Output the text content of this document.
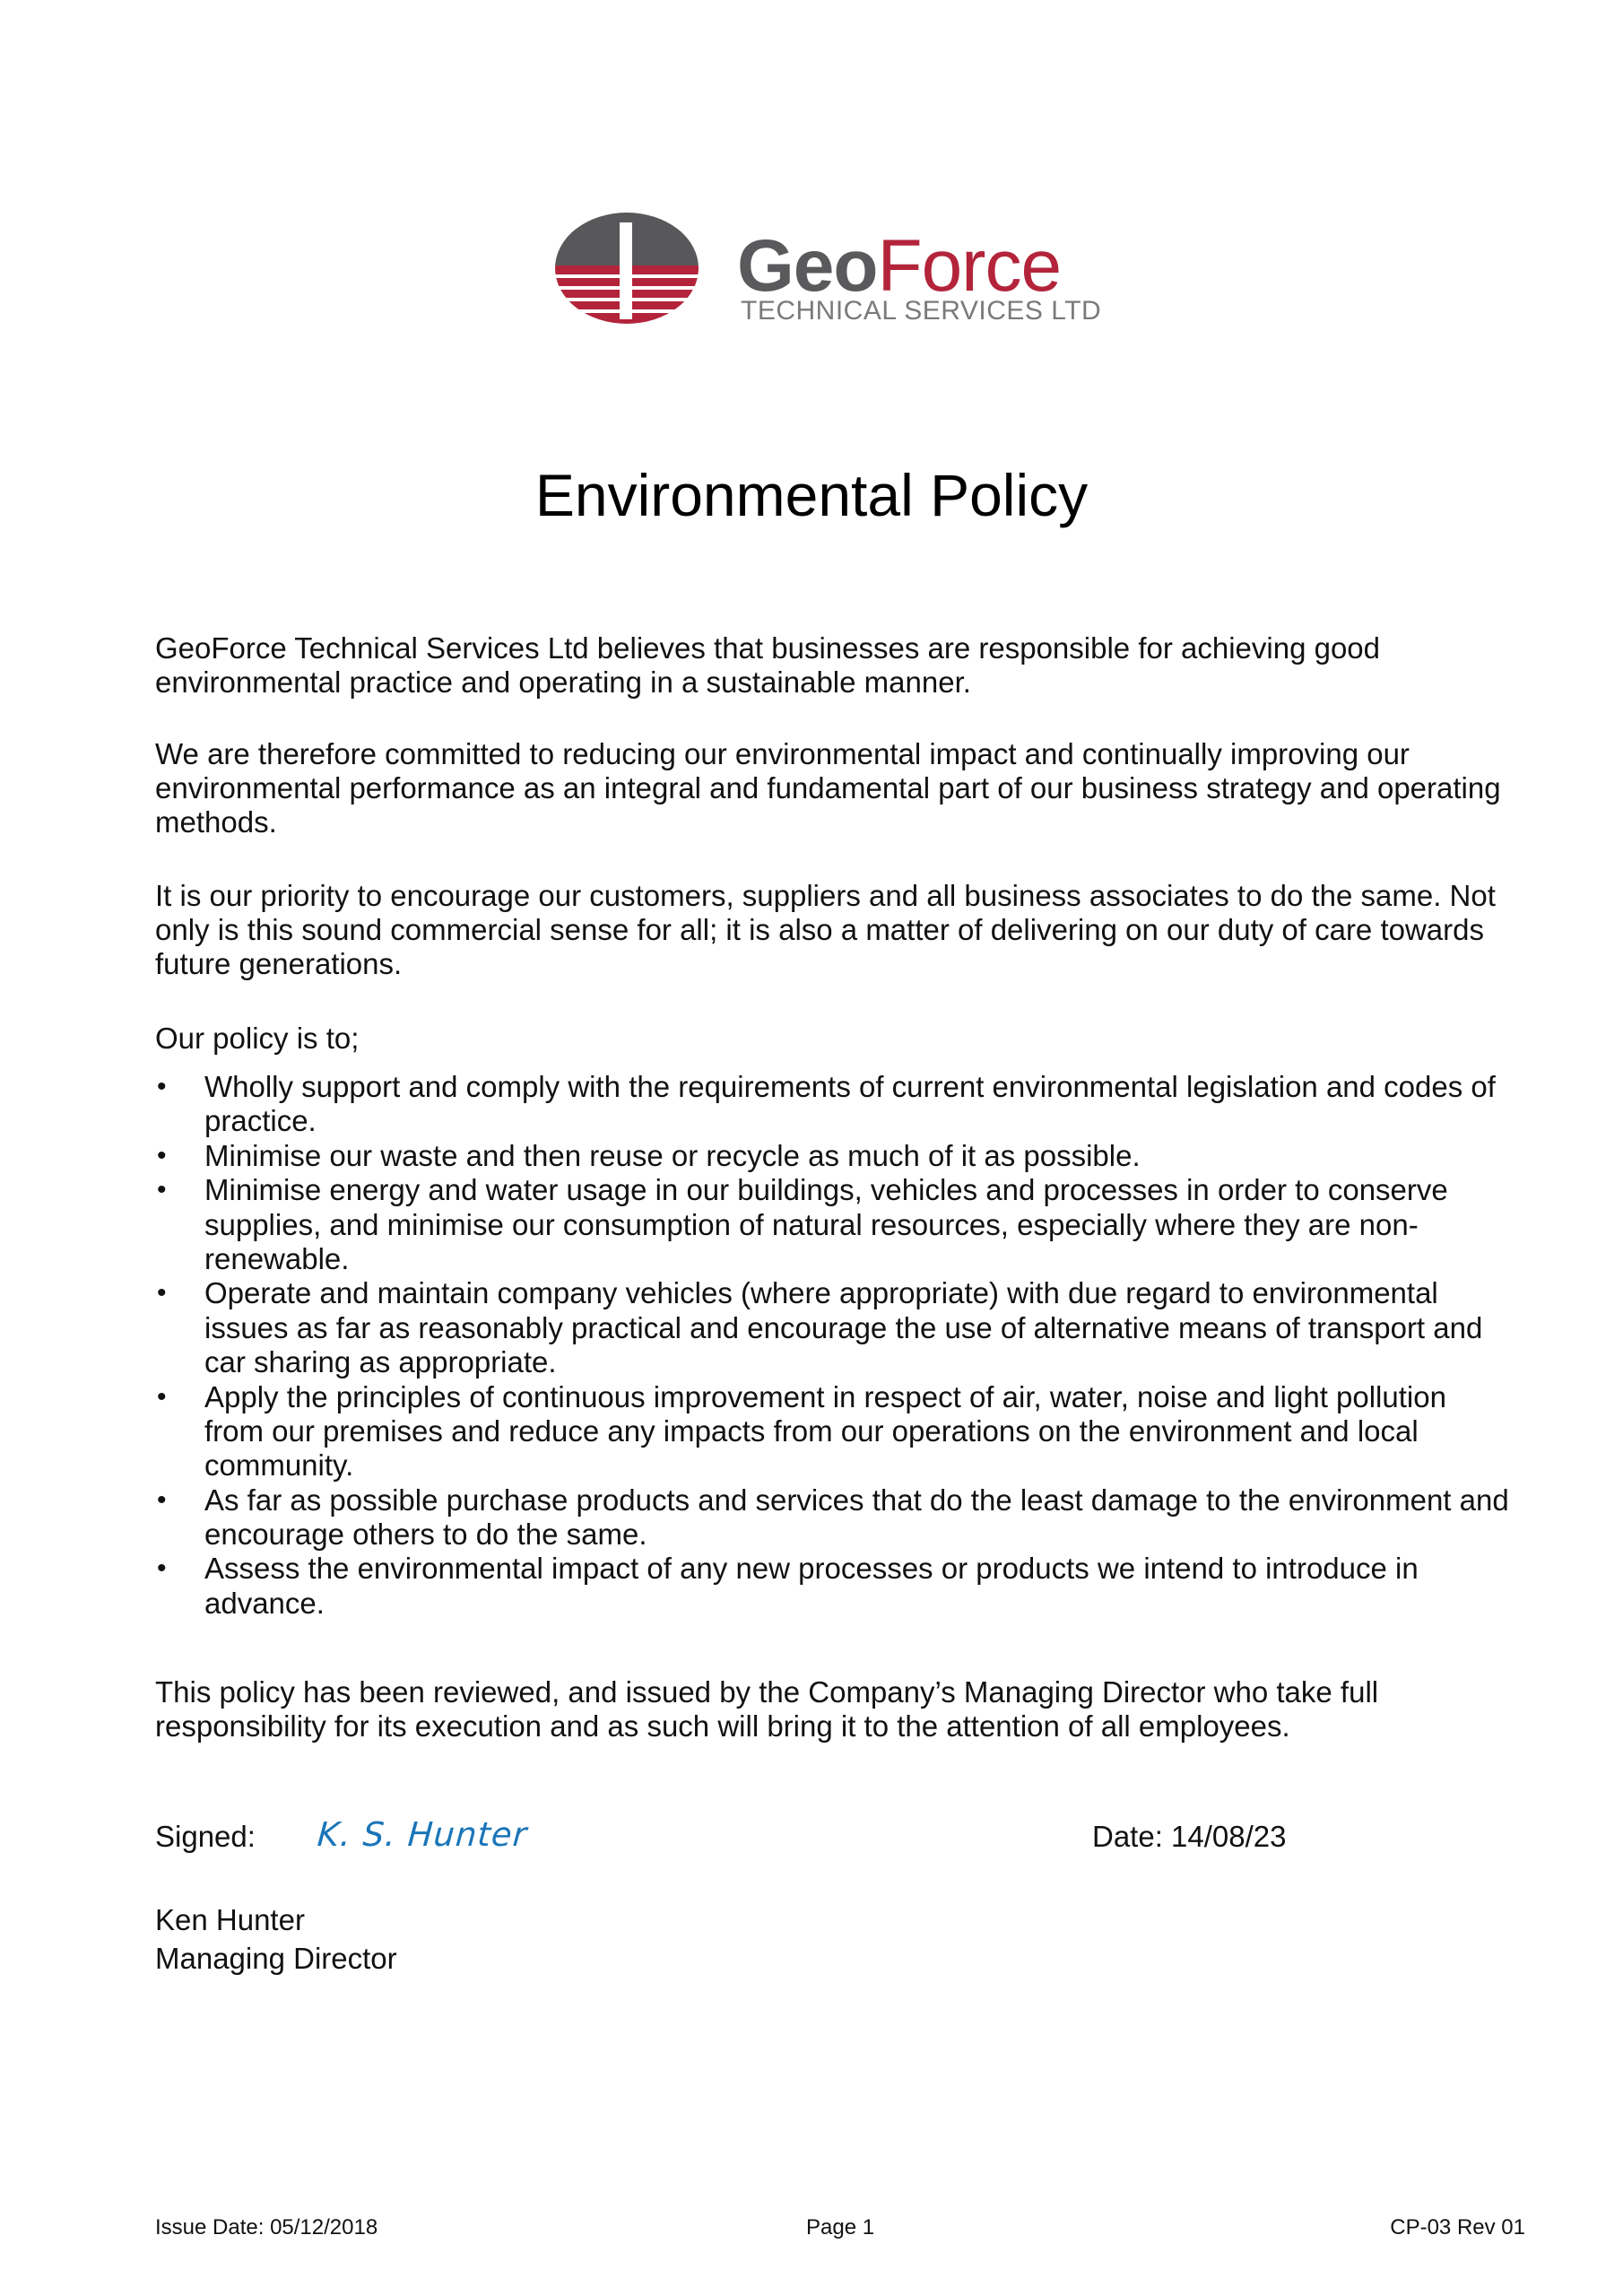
GeoForce
TECHNICAL SERVICES LTD
Environmental Policy
GeoForce Technical Services Ltd believes that businesses are responsible for achieving good
environmental practice and operating in a sustainable manner.
We are therefore committed to reducing our environmental impact and continually improving our
environmental performance as an integral and fundamental part of our business strategy and operating
methods.
It is our priority to encourage our customers, suppliers and all business associates to do the same. Not
only is this sound commercial sense for all; it is also a matter of delivering on our duty of care towards
future generations.
Our policy is to;
• Wholly support and comply with the requirements of current environmental legislation and codes of
practice.
• Minimise our waste and then reuse or recycle as much of it as possible.
• Minimise energy and water usage in our buildings, vehicles and processes in order to conserve
supplies, and minimise our consumption of natural resources, especially where they are non-
renewable.
• Operate and maintain company vehicles (where appropriate) with due regard to environmental
issues as far as reasonably practical and encourage the use of alternative means of transport and
car sharing as appropriate.
• Apply the principles of continuous improvement in respect of air, water, noise and light pollution
from our premises and reduce any impacts from our operations on the environment and local
community.
• As far as possible purchase products and services that do the least damage to the environment and
encourage others to do the same.
• Assess the environmental impact of any new processes or products we intend to introduce in
advance.
This policy has been reviewed, and issued by the Company’s Managing Director who take full
responsibility for its execution and as such will bring it to the attention of all employees.
Signed: K. S. Hunter	Date: 14/08/23
Ken Hunter
Managing Director
Issue Date: 05/12/2018	Page 1	CP-03 Rev 01
